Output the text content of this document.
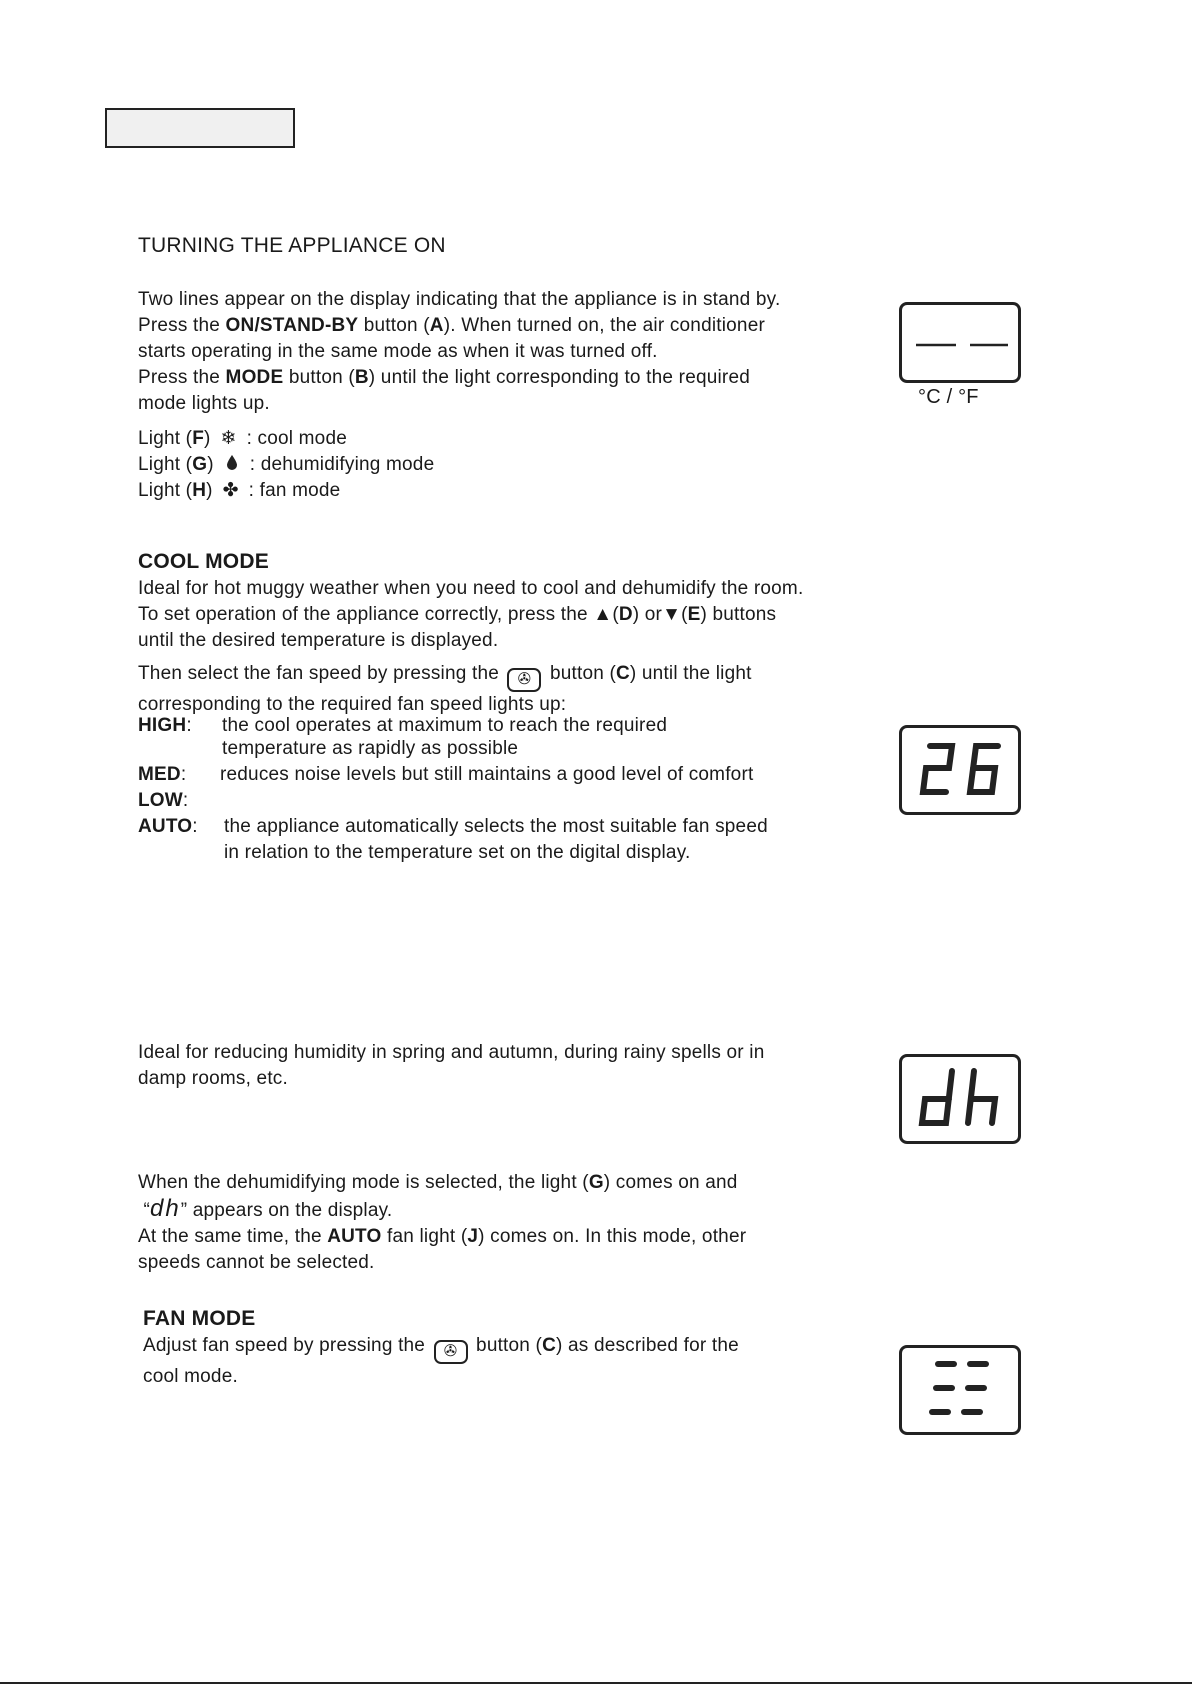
TURNING THE APPLIANCE ON
Two lines appear on the display indicating that the appliance is in stand by.
Press the ON/STAND-BY button (A). When turned on, the air conditioner
starts operating in the same mode as when it was turned off.
Press the MODE button (B) until the light corresponding to the required
mode lights up.
Light (F) ❄ : cool mode
Light (G) : dehumidifying mode
Light (H) ✤ : fan mode
°C / °F
COOL MODE
Ideal for hot muggy weather when you need to cool and dehumidify the room.
To set operation of the appliance correctly, press the ▲(D) or▼(E) buttons
until the desired temperature is displayed.
Then select the fan speed by pressing the ✇ button (C) until the light
corresponding to the required fan speed lights up:
HIGH: the cool operates at maximum to reach the required
temperature as rapidly as possible
MED: reduces noise levels but still maintains a good level of comfort
LOW:
AUTO: the appliance automatically selects the most suitable fan speed
in relation to the temperature set on the digital display.
Ideal for reducing humidity in spring and autumn, during rainy spells or in
damp rooms, etc.
When the dehumidifying mode is selected, the light (G) comes on and
“dh” appears on the display.
At the same time, the AUTO fan light (J) comes on. In this mode, other
speeds cannot be selected.
FAN MODE
Adjust fan speed by pressing the ✇ button (C) as described for the
cool mode.
